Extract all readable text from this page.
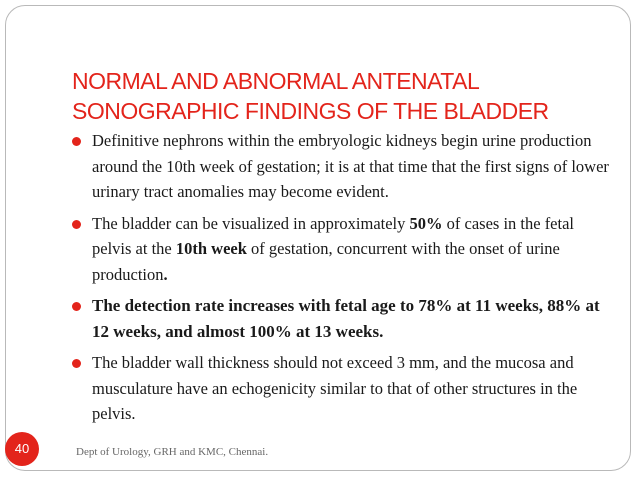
NORMAL AND ABNORMAL ANTENATAL
SONOGRAPHIC FINDINGS OF THE BLADDER
Definitive nephrons within the embryologic kidneys begin urine production around the 10th week of gestation; it is at that time that the first signs of lower urinary tract anomalies may become evident.
The bladder can be visualized in approximately 50% of cases in the fetal pelvis at the 10th week of gestation, concurrent with the onset of urine production.
The detection rate increases with fetal age to 78% at 11 weeks, 88% at 12 weeks, and almost 100% at 13 weeks.
The bladder wall thickness should not exceed 3 mm, and the mucosa and musculature have an echogenicity similar to that of other structures in the pelvis.
Dept of Urology, GRH and KMC, Chennai.
40
